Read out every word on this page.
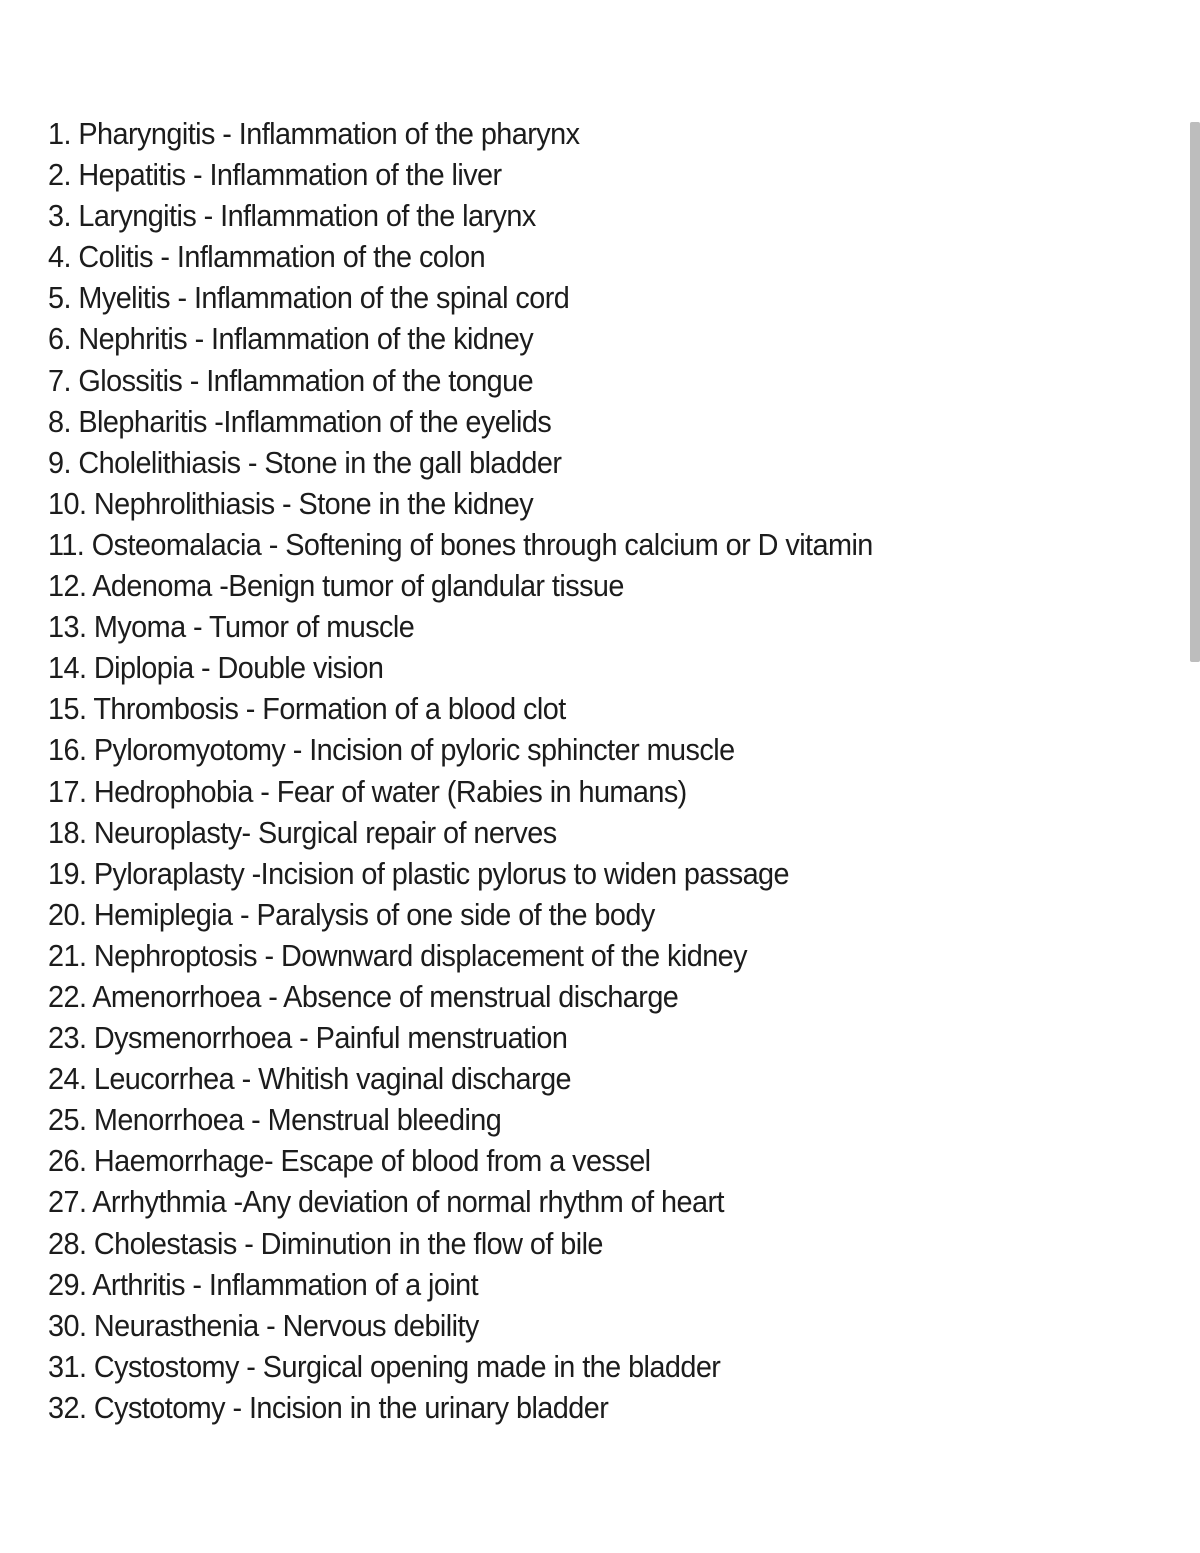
1. Pharyngitis - Inflammation of the pharynx
2. Hepatitis - Inflammation of the liver
3. Laryngitis - Inflammation of the larynx
4. Colitis - Inflammation of the colon
5. Myelitis - Inflammation of the spinal cord
6. Nephritis - Inflammation of the kidney
7. Glossitis - Inflammation of the tongue
8. Blepharitis -Inflammation of the eyelids
9. Cholelithiasis - Stone in the gall bladder
10. Nephrolithiasis - Stone in the kidney
11. Osteomalacia - Softening of bones through calcium or D vitamin
12. Adenoma -Benign tumor of glandular tissue
13. Myoma - Tumor of muscle
14. Diplopia - Double vision
15. Thrombosis - Formation of a blood clot
16. Pyloromyotomy - Incision of pyloric sphincter muscle
17. Hedrophobia - Fear of water (Rabies in humans)
18. Neuroplasty- Surgical repair of nerves
19. Pyloraplasty -Incision of plastic pylorus to widen passage
20. Hemiplegia - Paralysis of one side of the body
21. Nephroptosis - Downward displacement of the kidney
22. Amenorrhoea - Absence of menstrual discharge
23. Dysmenorrhoea - Painful menstruation
24. Leucorrhea - Whitish vaginal discharge
25. Menorrhoea - Menstrual bleeding
26. Haemorrhage- Escape of blood from a vessel
27. Arrhythmia -Any deviation of normal rhythm of heart
28. Cholestasis - Diminution in the flow of bile
29. Arthritis - Inflammation of a joint
30. Neurasthenia - Nervous debility
31. Cystostomy - Surgical opening made in the bladder
32. Cystotomy - Incision in the urinary bladder
